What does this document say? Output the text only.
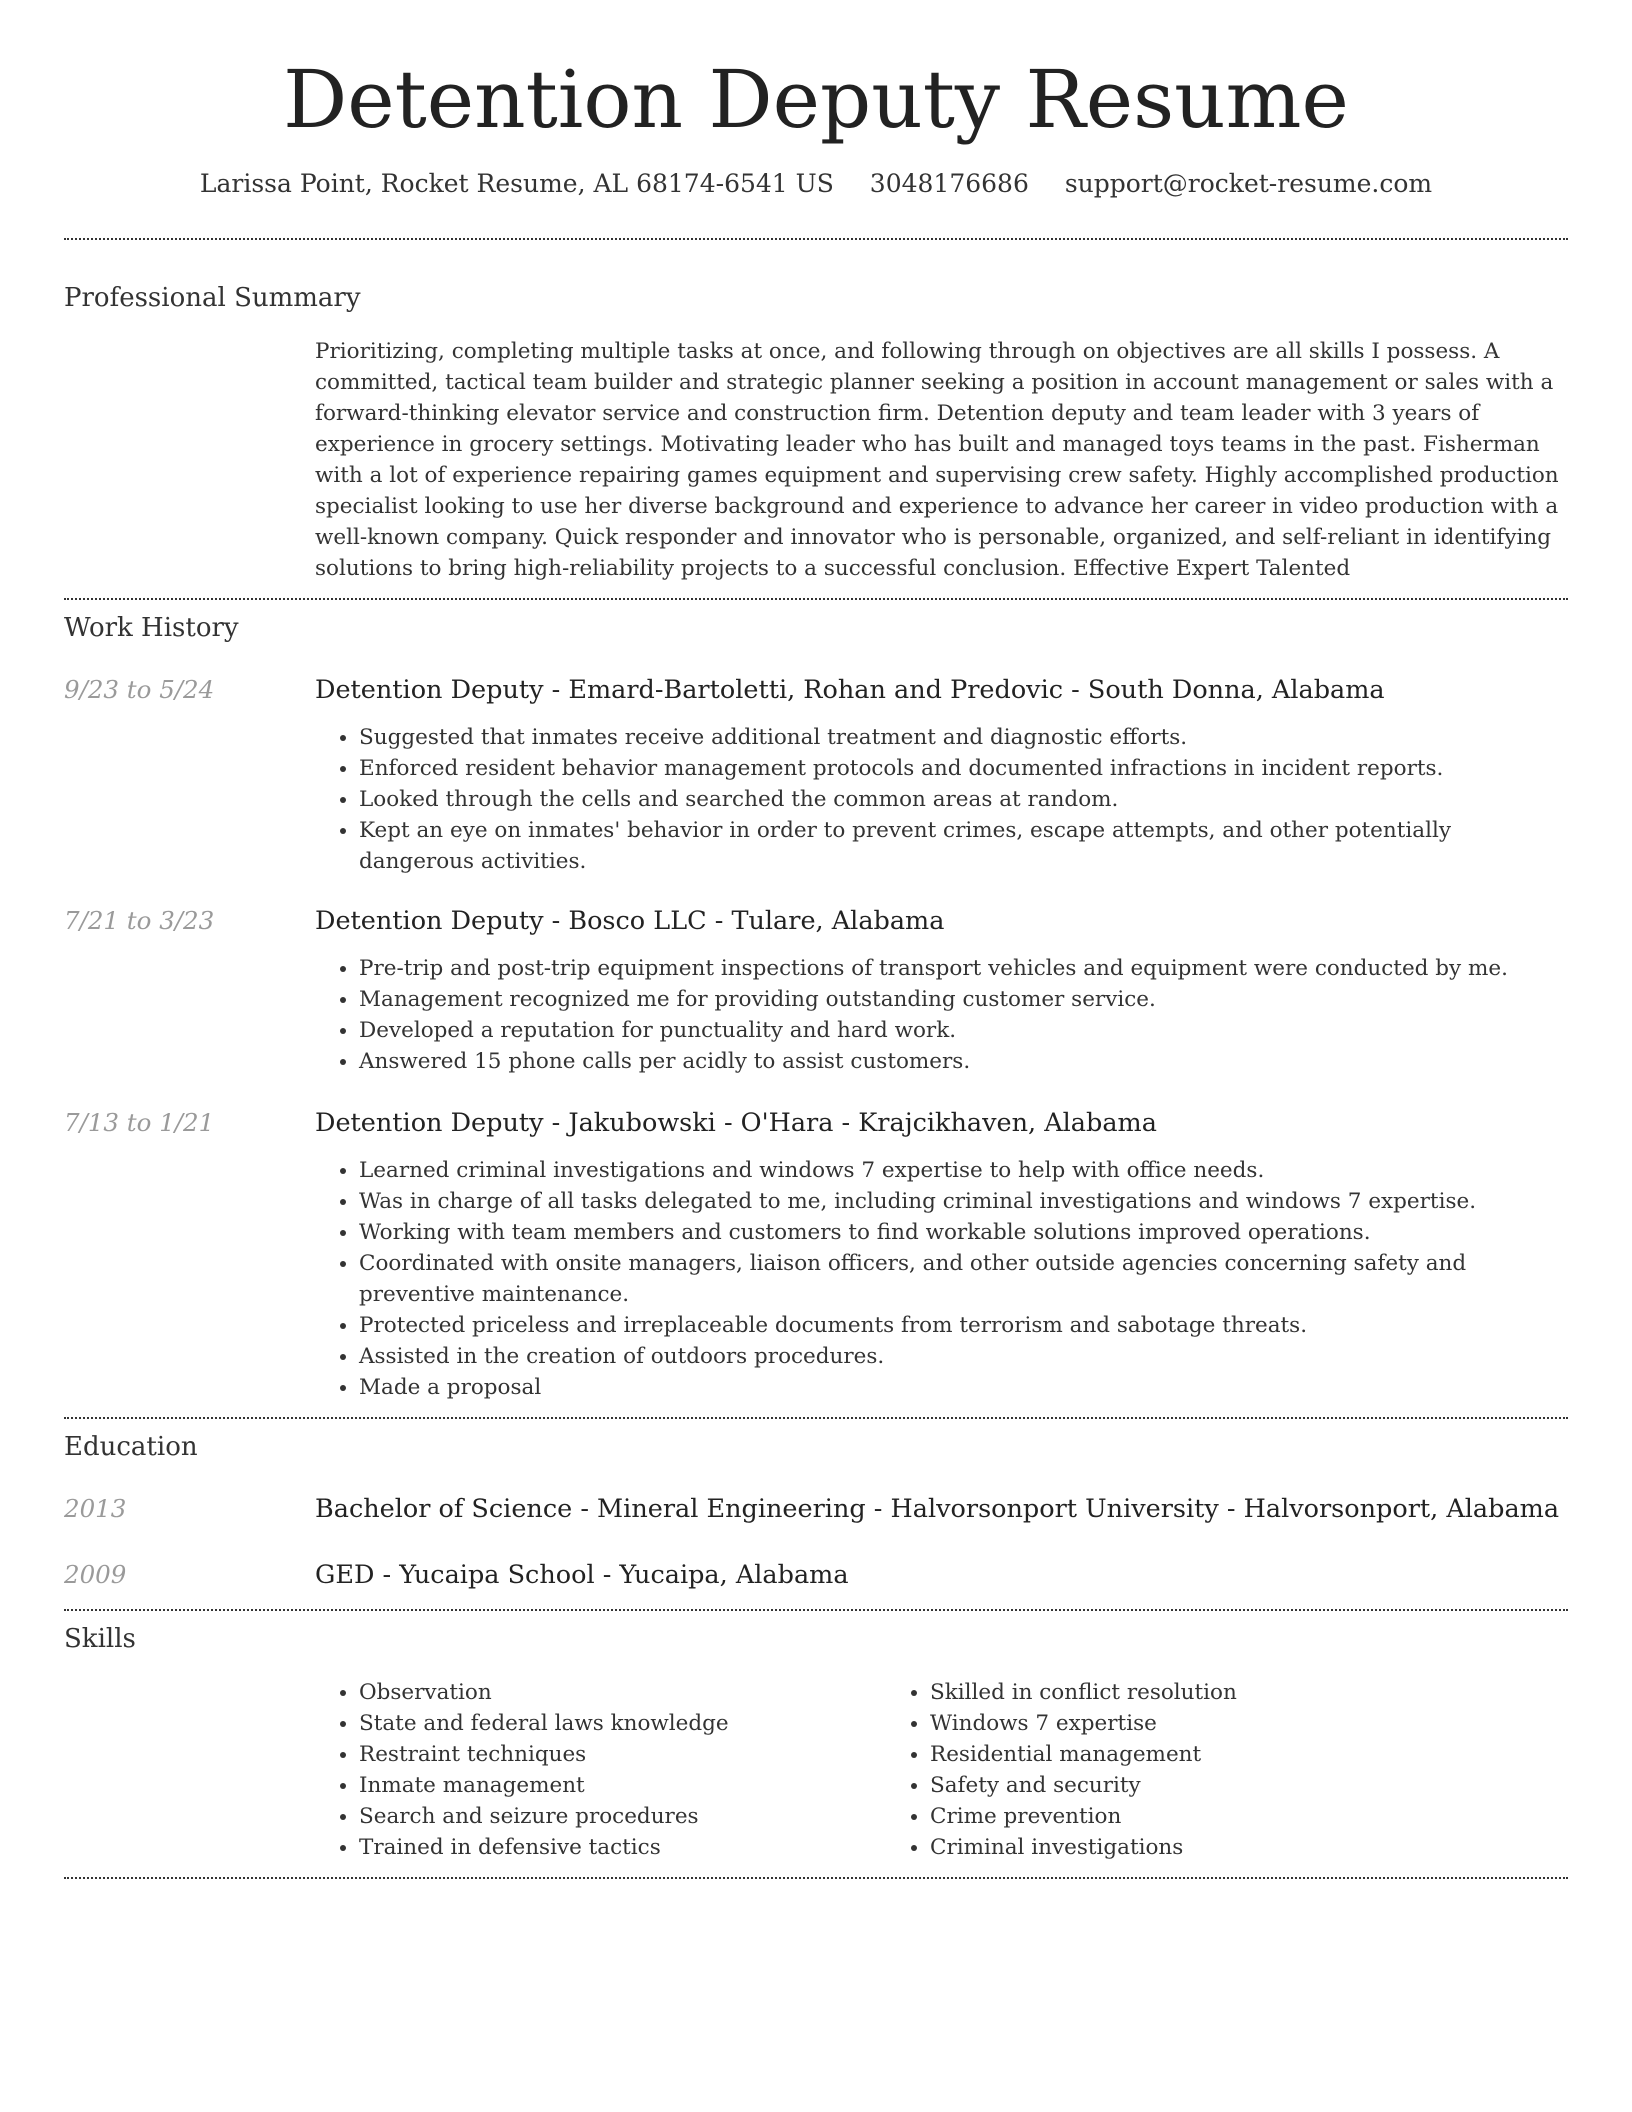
Detention Deputy Resume
Larissa Point, Rocket Resume, AL 68174-6541 US 3048176686 support@rocket-resume.com
Professional Summary
Prioritizing, completing multiple tasks at once, and following through on objectives are all skills I possess. A committed, tactical team builder and strategic planner seeking a position in account management or sales with a forward-thinking elevator service and construction firm. Detention deputy and team leader with 3 years of experience in grocery settings. Motivating leader who has built and managed toys teams in the past. Fisherman with a lot of experience repairing games equipment and supervising crew safety. Highly accomplished production specialist looking to use her diverse background and experience to advance her career in video production with a well-known company. Quick responder and innovator who is personable, organized, and self-reliant in identifying solutions to bring high-reliability projects to a successful conclusion. Effective Expert Talented
Work History
9/23 to 5/24	Detention Deputy - Emard-Bartoletti, Rohan and Predovic - South Donna, Alabama
• Suggested that inmates receive additional treatment and diagnostic efforts.
• Enforced resident behavior management protocols and documented infractions in incident reports.
• Looked through the cells and searched the common areas at random.
• Kept an eye on inmates' behavior in order to prevent crimes, escape attempts, and other potentially dangerous activities.
7/21 to 3/23	Detention Deputy - Bosco LLC - Tulare, Alabama
• Pre-trip and post-trip equipment inspections of transport vehicles and equipment were conducted by me.
• Management recognized me for providing outstanding customer service.
• Developed a reputation for punctuality and hard work.
• Answered 15 phone calls per acidly to assist customers.
7/13 to 1/21	Detention Deputy - Jakubowski - O'Hara - Krajcikhaven, Alabama
• Learned criminal investigations and windows 7 expertise to help with office needs.
• Was in charge of all tasks delegated to me, including criminal investigations and windows 7 expertise.
• Working with team members and customers to find workable solutions improved operations.
• Coordinated with onsite managers, liaison officers, and other outside agencies concerning safety and preventive maintenance.
• Protected priceless and irreplaceable documents from terrorism and sabotage threats.
• Assisted in the creation of outdoors procedures.
• Made a proposal
Education
2013	Bachelor of Science - Mineral Engineering - Halvorsonport University - Halvorsonport, Alabama
2009	GED - Yucaipa School - Yucaipa, Alabama
Skills
• Observation
• State and federal laws knowledge
• Restraint techniques
• Inmate management
• Search and seizure procedures
• Trained in defensive tactics
• Skilled in conflict resolution
• Windows 7 expertise
• Residential management
• Safety and security
• Crime prevention
• Criminal investigations
